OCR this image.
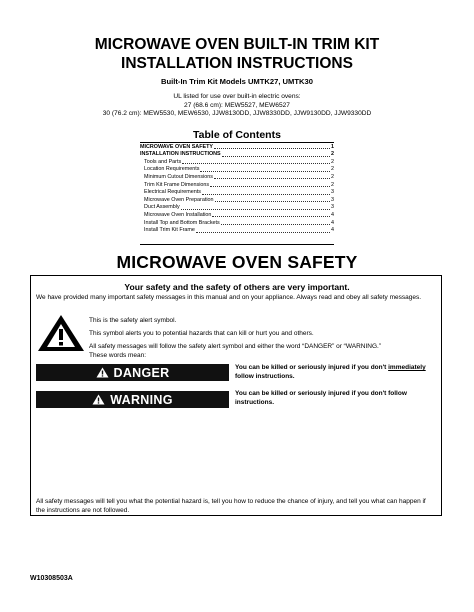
MICROWAVE OVEN BUILT-IN TRIM KIT
INSTALLATION INSTRUCTIONS
Built-In Trim Kit Models UMTK27, UMTK30
UL listed for use over built-in electric ovens:
27 (68.6 cm): MEW5527, MEW6527
30 (76.2 cm): MEW5530, MEW6530, JJW8130DD, JJW8330DD, JJW9130DD, JJW9330DD
Table of Contents
MICROWAVE OVEN SAFETY	1
INSTALLATION INSTRUCTIONS	2
Tools and Parts	2
Location Requirements	2
Minimum Cutout Dimensions	2
Trim Kit Frame Dimensions	2
Electrical Requirements	3
Microwave Oven Preparation	3
Duct Assembly	3
Microwave Oven Installation	4
Install Top and Bottom Brackets	4
Install Trim Kit Frame	4
MICROWAVE OVEN SAFETY
Your safety and the safety of others are very important.
We have provided many important safety messages in this manual and on your appliance. Always read and obey all safety messages.
This is the safety alert symbol.
This symbol alerts you to potential hazards that can kill or hurt you and others.
All safety messages will follow the safety alert symbol and either the word “DANGER” or “WARNING.”
These words mean:
DANGER	You can be killed or seriously injured if you don't immediately
follow instructions.
WARNING	You can be killed or seriously injured if you don't follow
instructions.
All safety messages will tell you what the potential hazard is, tell you how to reduce the chance of injury, and tell you what can happen if the instructions are not followed.
W10308503A
